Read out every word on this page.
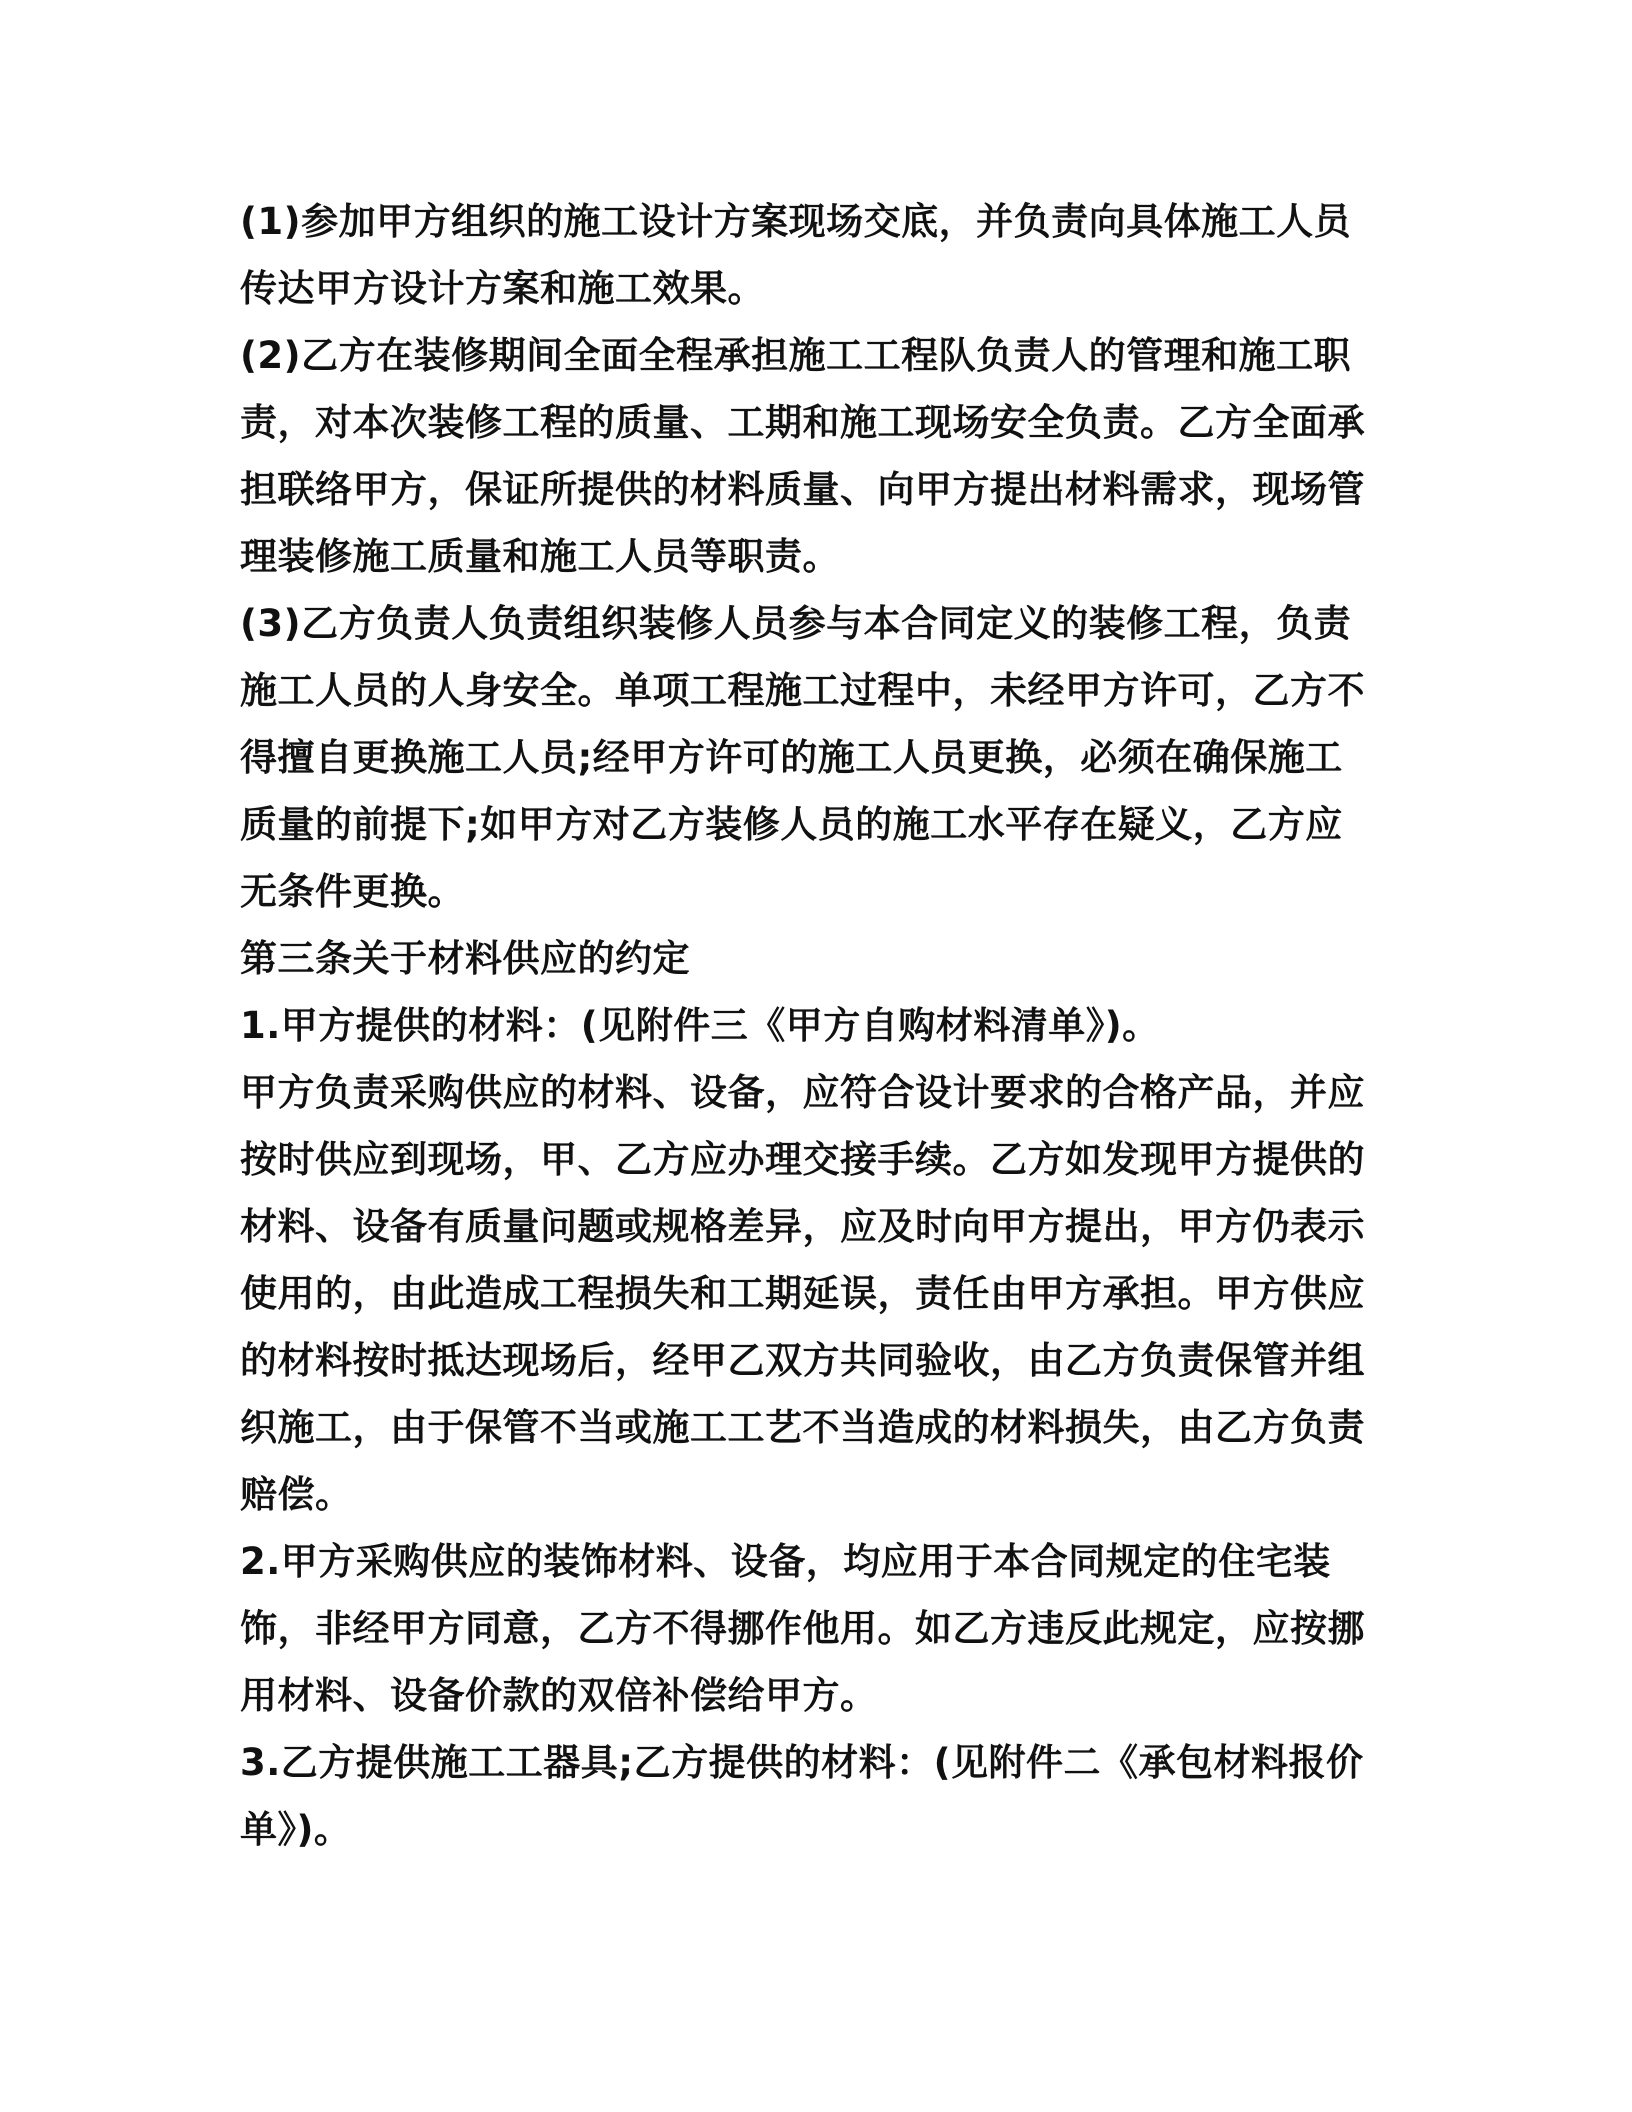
(1)参加甲方组织的施工设计方案现场交底，并负责向具体施工人员传达甲方设计方案和施工效果。

(2)乙方在装修期间全面全程承担施工工程队负责人的管理和施工职责，对本次装修工程的质量、工期和施工现场安全负责。乙方全面承担联络甲方，保证所提供的材料质量、向甲方提出材料需求，现场管理装修施工质量和施工人员等职责。

(3)乙方负责人负责组织装修人员参与本合同定义的装修工程，负责施工人员的人身安全。单项工程施工过程中，未经甲方许可，乙方不得擅自更换施工人员;经甲方许可的施工人员更换，必须在确保施工质量的前提下;如甲方对乙方装修人员的施工水平存在疑义，乙方应无条件更换。

第三条关于材料供应的约定

1.甲方提供的材料：(见附件三《甲方自购材料清单》)。

甲方负责采购供应的材料、设备，应符合设计要求的合格产品，并应按时供应到现场，甲、乙方应办理交接手续。乙方如发现甲方提供的材料、设备有质量问题或规格差异，应及时向甲方提出，甲方仍表示使用的，由此造成工程损失和工期延误，责任由甲方承担。甲方供应的材料按时抵达现场后，经甲乙双方共同验收，由乙方负责保管并组织施工，由于保管不当或施工工艺不当造成的材料损失，由乙方负责赔偿。

2.甲方采购供应的装饰材料、设备，均应用于本合同规定的住宅装饰，非经甲方同意，乙方不得挪作他用。如乙方违反此规定，应按挪用材料、设备价款的双倍补偿给甲方。

3.乙方提供施工工器具;乙方提供的材料：(见附件二《承包材料报价单》)。
